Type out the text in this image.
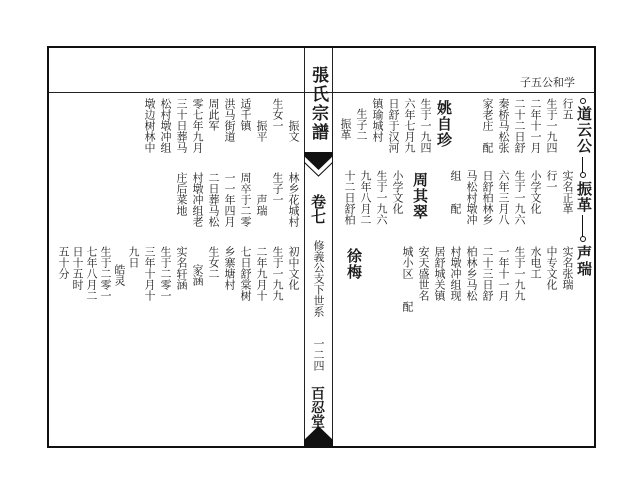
張氏宗譜
卷七
修義公支下世系
一二四
百忍堂
子五公和学
道云公
振革
声瑞
行五
生于一九四
二年十一月
二十二日舒
秦桥马松张
家老庄　配
姚自珍
生于一九四
六年七月九
日舒于汉河
镇瑜城村
生子二
振革
实名正革
行一
小学文化
生于一九六
六年三月八
日舒柏林乡
马松村墩冲
组　　配
周其翠
小学文化
生于一九六
九年八月二
十二日舒柏
实名张瑞
中专文化
水电工
生于一九九
一年十一月
二十三日舒
柏林乡马松
村墩冲组现
居舒城关镇
安天盛世名
城小区　　配
徐梅
振文
生女一
振平
适千镇
洪马街道
周此军
零七年九月
三十日葬马
松村墩冲组
墩边树林中
林乡花城村
生子一
声瑞
周卒于二零
一一年四月
二日葬马松
村墩冲组老
庄后菜地
初中文化
生于一九九
二年九月十
七日舒棠树
乡寨塘村
生女二
家涵
实名轩涵
生于二零一
三年十月十
九日
皓灵
生于二零一
七年八月二
日十五时
五十分
